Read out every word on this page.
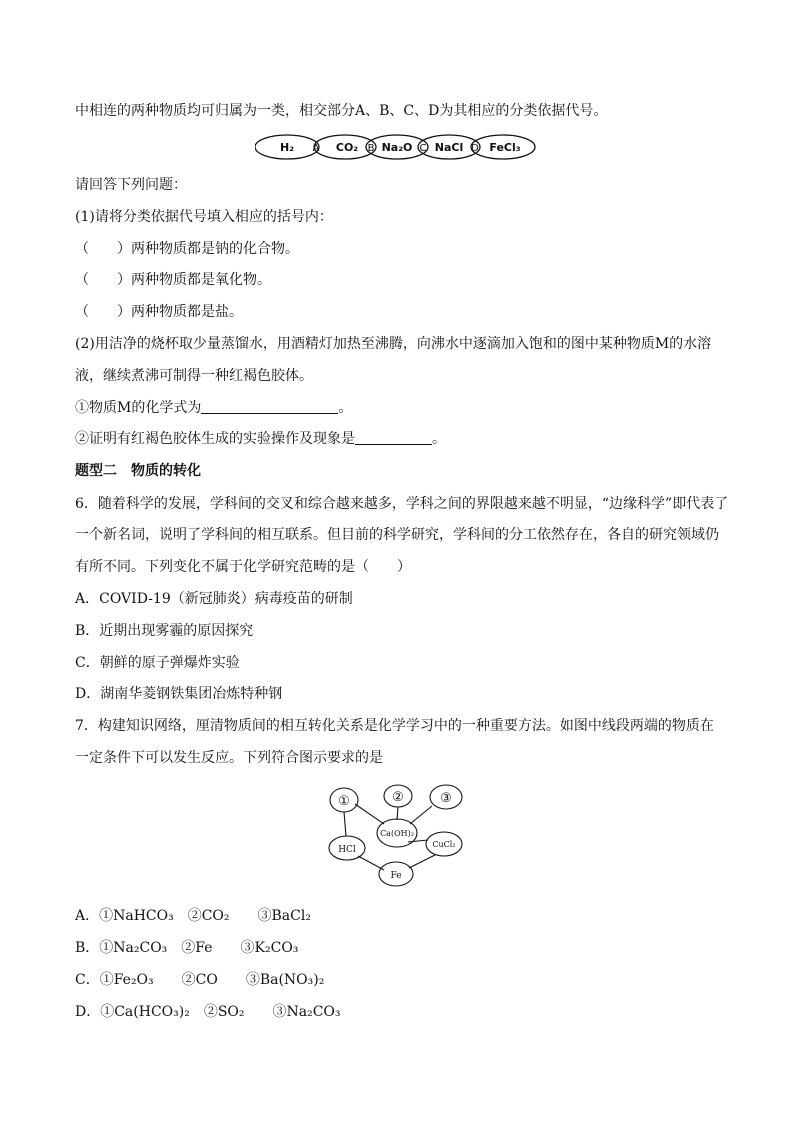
中相连的两种物质均可归属为一类，相交部分A、B、C、D为其相应的分类依据代号。
H₂	CO₂ Na₂O NaCl FeCl₃
A	B	C	D
请回答下列问题：
(1)请将分类依据代号填入相应的括号内：
（　　）两种物质都是钠的化合物。
（　　）两种物质都是氧化物。
（　　）两种物质都是盐。
(2)用洁净的烧杯取少量蒸馏水，用酒精灯加热至沸腾，向沸水中逐滴加入饱和的图中某种物质M的水溶
液，继续煮沸可制得一种红褐色胶体。
①物质M的化学式为	。
②证明有红褐色胶体生成的实验操作及现象是	。
题型二　物质的转化
6．随着科学的发展，学科间的交叉和综合越来越多，学科之间的界限越来越不明显，“边缘科学”即代表了
一个新名词，说明了学科间的相互联系。但目前的科学研究，学科间的分工依然存在，各自的研究领域仍
有所不同。下列变化不属于化学研究范畴的是（　　）
A．COVID-19（新冠肺炎）病毒疫苗的研制
B．近期出现雾霾的原因探究
C．朝鲜的原子弹爆炸实验
D．湖南华菱钢铁集团冶炼特种钢
7．构建知识网络，厘清物质间的相互转化关系是化学学习中的一种重要方法。如图中线段两端的物质在
一定条件下可以发生反应。下列符合图示要求的是
①	②	③
Ca(OH)₂
HCl
CuCl₂
Fe
A．①NaHCO₃　②CO₂　　③BaCl₂
B．①Na₂CO₃　②Fe　　③K₂CO₃
C．①Fe₂O₃　　②CO　　③Ba(NO₃)₂
D．①Ca(HCO₃)₂　②SO₂　　③Na₂CO₃
